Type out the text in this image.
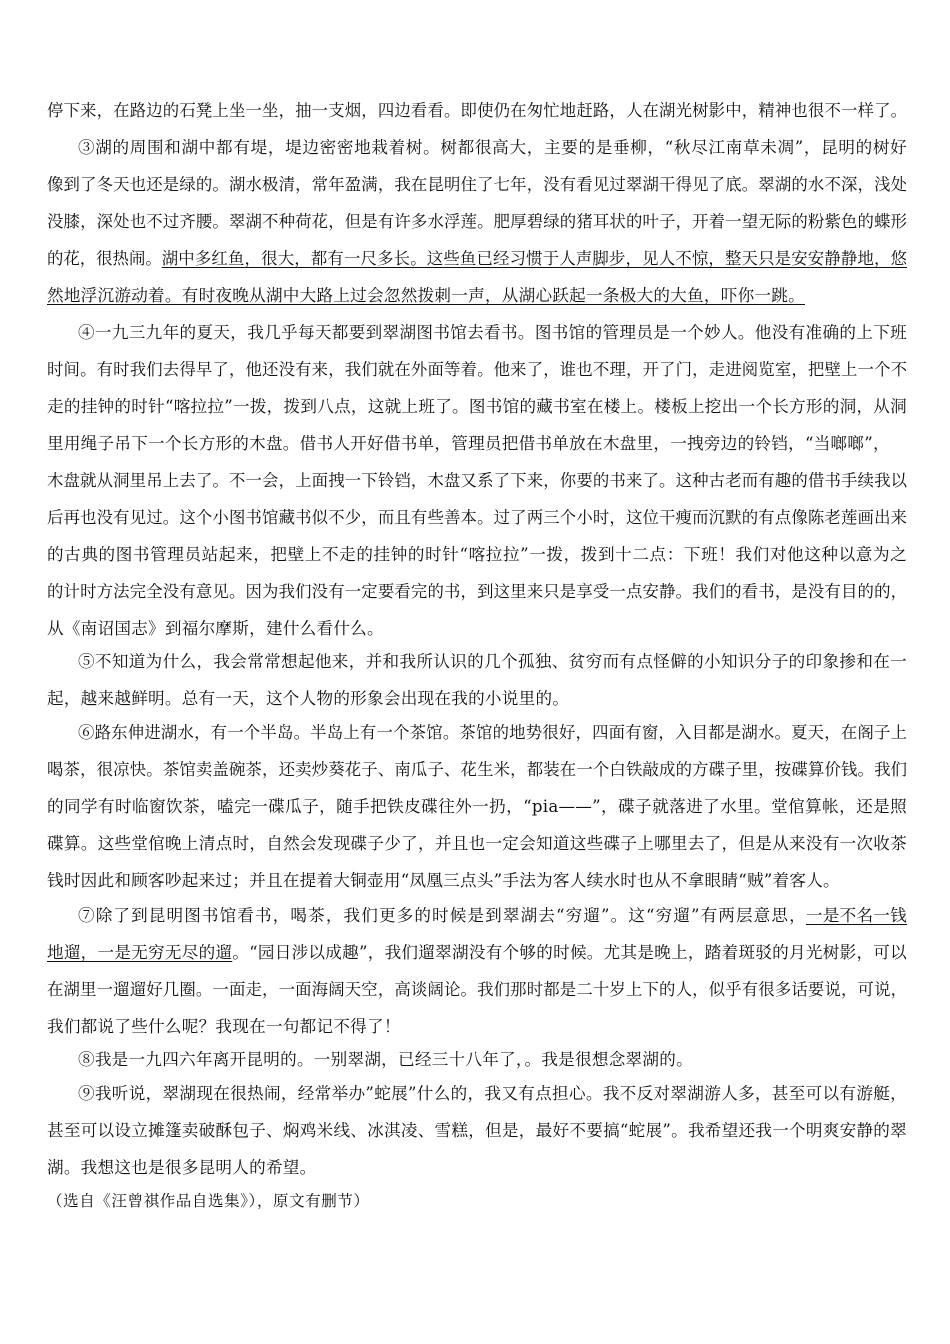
停下来，在路边的石凳上坐一坐，抽一支烟，四边看看。即使仍在匆忙地赶路，人在湖光树影中，精神也很不一样了。
③湖的周围和湖中都有堤，堤边密密地栽着树。树都很高大，主要的是垂柳，“秋尽江南草未凋”，昆明的树好
像到了冬天也还是绿的。湖水极清，常年盈满，我在昆明住了七年，没有看见过翠湖干得见了底。翠湖的水不深，浅处
没膝，深处也不过齐腰。翠湖不种荷花，但是有许多水浮莲。肥厚碧绿的猪耳状的叶子，开着一望无际的粉紫色的蝶形
的花，很热闹。 湖中多红鱼，很大，都有一尺多长。这些鱼已经习惯于人声脚步，见人不惊，整天只是安安静静地，悠
然地浮沉游动着。有时夜晚从湖中大路上过会忽然拨刺一声，从湖心跃起一条极大的大鱼，吓你一跳。
④一九三九年的夏天，我几乎每天都要到翠湖图书馆去看书。图书馆的管理员是一个妙人。他没有准确的上下班
时间。有时我们去得早了，他还没有来，我们就在外面等着。他来了，谁也不理，开了门，走进阅览室，把壁上一个不
走的挂钟的时针“喀拉拉”一拨，拨到八点，这就上班了。图书馆的藏书室在楼上。楼板上挖出一个长方形的洞，从洞
里用绳子吊下一个长方形的木盘。借书人开好借书单，管理员把借书单放在木盘里，一拽旁边的铃铛，“当啷啷”，
木盘就从洞里吊上去了。不一会，上面拽一下铃铛，木盘又系了下来，你要的书来了。这种古老而有趣的借书手续我以
后再也没有见过。这个小图书馆藏书似不少，而且有些善本。过了两三个小时，这位干瘦而沉默的有点像陈老莲画出来
的古典的图书管理员站起来，把壁上不走的挂钟的时针“喀拉拉”一拨，拨到十二点：下班！我们对他这种以意为之
的计时方法完全没有意见。因为我们没有一定要看完的书，到这里来只是享受一点安静。我们的看书，是没有目的的，
从《南诏国志》到福尔摩斯，建什么看什么。
⑤不知道为什么，我会常常想起他来，并和我所认识的几个孤独、贫穷而有点怪僻的小知识分子的印象掺和在一
起，越来越鲜明。总有一天，这个人物的形象会出现在我的小说里的。
⑥路东伸进湖水，有一个半岛。半岛上有一个茶馆。茶馆的地势很好，四面有窗，入目都是湖水。夏天，在阁子上
喝茶，很凉快。茶馆卖盖碗茶，还卖炒葵花子、南瓜子、花生米，都装在一个白铁敲成的方碟子里，按碟算价钱。我们
的同学有时临窗饮茶，嗑完一碟瓜子，随手把铁皮碟往外一扔，“pia——”，碟子就落进了水里。堂倌算帐，还是照
碟算。这些堂倌晚上清点时，自然会发现碟子少了，并且也一定会知道这些碟子上哪里去了，但是从来没有一次收茶
钱时因此和顾客吵起来过；并且在提着大铜壶用“凤凰三点头”手法为客人续水时也从不拿眼睛“贼”着客人。
⑦除了到昆明图书馆看书，喝茶，我们更多的时候是到翠湖去“穷遛”。这“穷遛”有两层意思， 一是不名一钱
地遛，一是无穷无尽的遛 。“园日涉以成趣”，我们遛翠湖没有个够的时候。尤其是晚上，踏着斑驳的月光树影，可以
在湖里一遛遛好几圈。一面走，一面海阔天空，高谈阔论。我们那时都是二十岁上下的人，似乎有很多话要说，可说，
我们都说了些什么呢？我现在一句都记不得了！
⑧我是一九四六年离开昆明的。一别翠湖，已经三十八年了，。我是很想念翠湖的。
⑨我听说，翠湖现在很热闹，经常举办”蛇展”什么的，我又有点担心。我不反对翠湖游人多，甚至可以有游艇，
甚至可以设立摊篷卖破酥包子、焖鸡米线、冰淇凌、雪糕，但是，最好不要搞“蛇展”。我希望还我一个明爽安静的翠
湖。我想这也是很多昆明人的希望。
（选自《汪曾祺作品自选集》），原文有删节）
